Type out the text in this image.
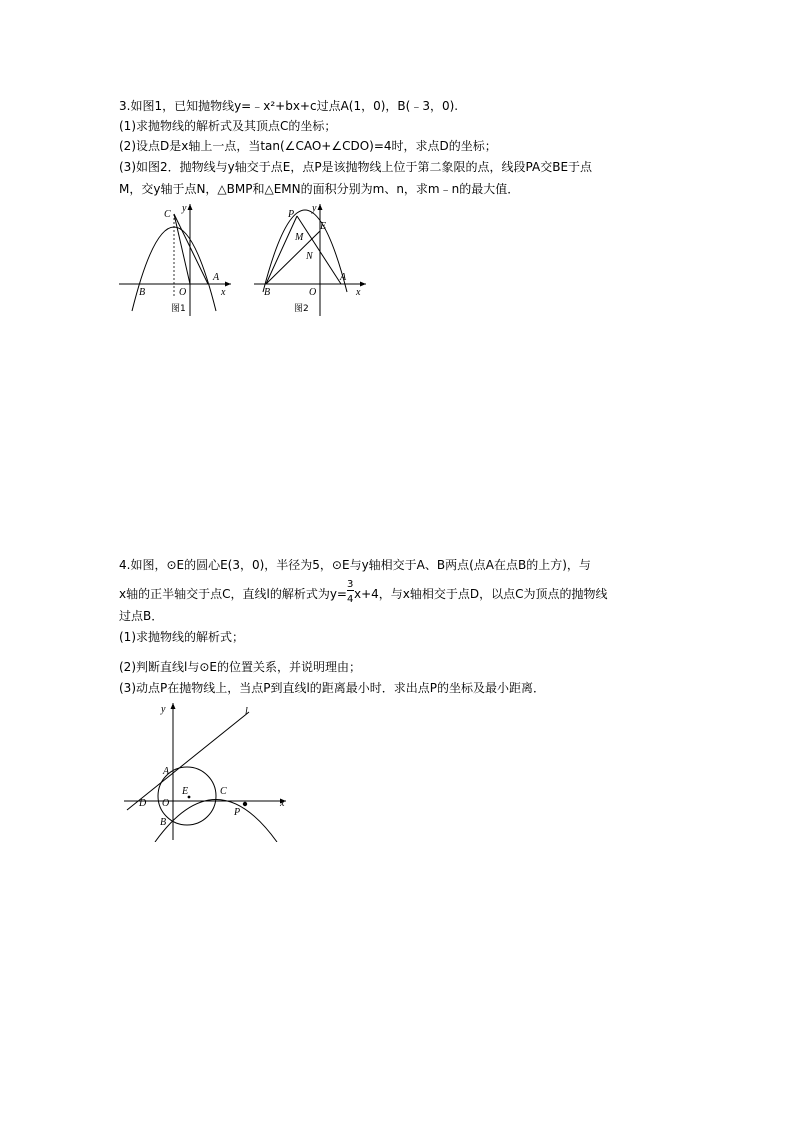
3.如图1，已知抛物线y=﹣x²+bx+c过点A(1，0)，B(﹣3，0).
(1)求抛物线的解析式及其顶点C的坐标；
(2)设点D是x轴上一点，当tan(∠CAO+∠CDO)=4时，求点D的坐标；
(3)如图2．抛物线与y轴交于点E，点P是该抛物线上位于第二象限的点，线段PA交BE于点
M，交y轴于点N，△BMP和△EMN的面积分别为m、n，求m﹣n的最大值．
C
y
A
B	O	x
图1
P
y
E
M
N
A
B	O	x
图2
4.如图，⊙E的圆心E(3，0)，半径为5，⊙E与y轴相交于A、B两点(点A在点B的上方)，与
x轴的正半轴交于点C，直线l的解析式为$y= \frac{3}{4} x+4$，与x轴相交于点D，以点C为顶点的抛物线
过点B．
(1)求抛物线的解析式；
(2)判断直线l与⊙E的位置关系，并说明理由；
(3)动点P在抛物线上，当点P到直线l的距离最小时．求出点P的坐标及最小距离．
y	l
A
C
D O
E
x
B
P
